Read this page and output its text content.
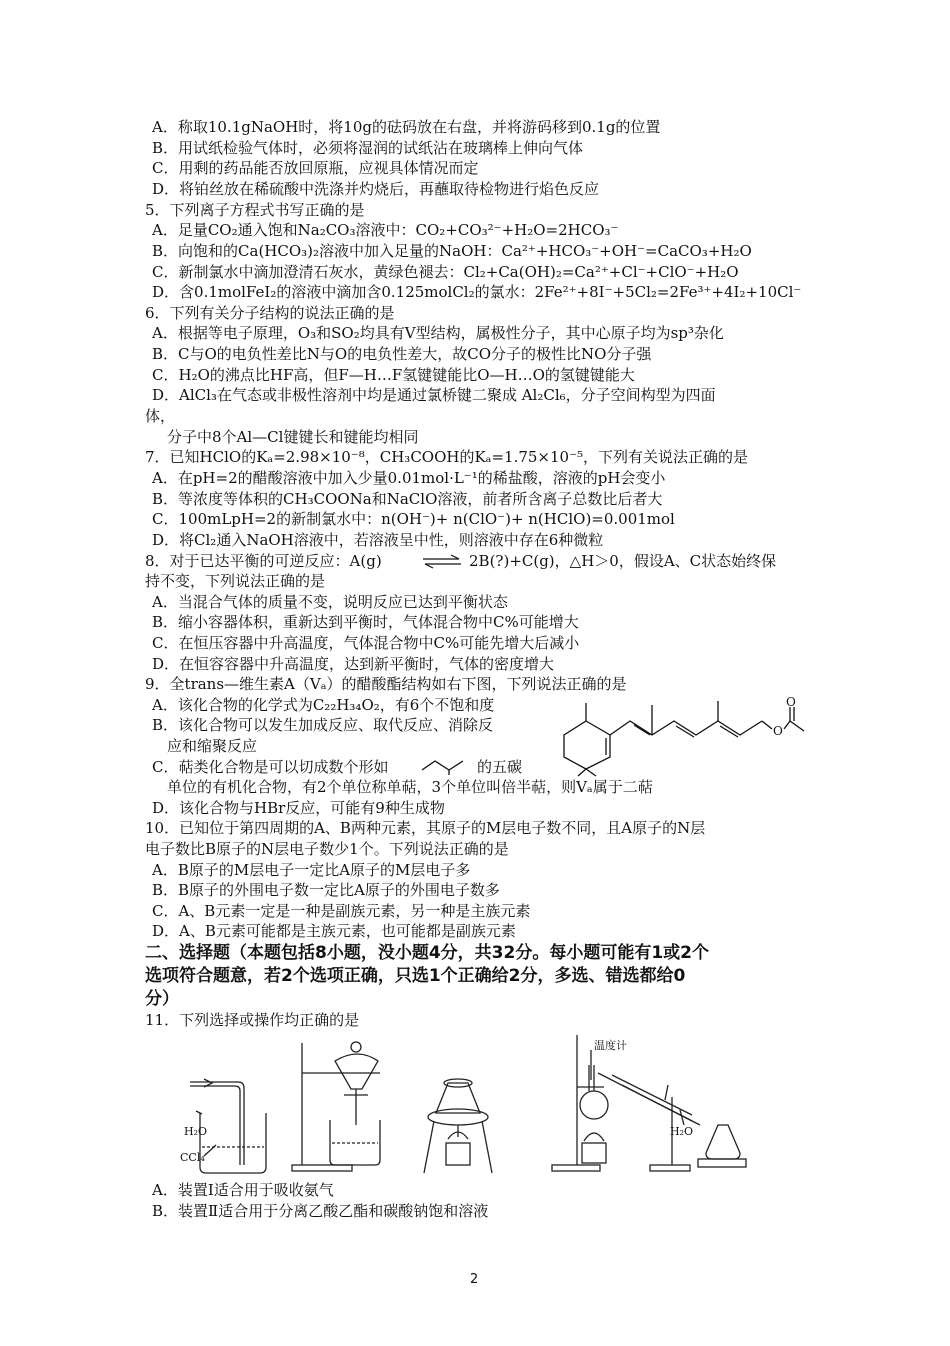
A．称取10.1gNaOH时，将10g的砝码放在右盘，并将游码移到0.1g的位置
B．用试纸检验气体时，必须将湿润的试纸沾在玻璃棒上伸向气体
C．用剩的药品能否放回原瓶，应视具体情况而定
D．将铂丝放在稀硫酸中洗涤并灼烧后，再蘸取待检物进行焰色反应
5．下列离子方程式书写正确的是
A．足量CO₂通入饱和Na₂CO₃溶液中：CO₂+CO₃²⁻+H₂O=2HCO₃⁻
B．向饱和的Ca(HCO₃)₂溶液中加入足量的NaOH：Ca²⁺+HCO₃⁻+OH⁻=CaCO₃+H₂O
C．新制氯水中滴加澄清石灰水，黄绿色褪去：Cl₂+Ca(OH)₂=Ca²⁺+Cl⁻+ClO⁻+H₂O
D．含0.1molFeI₂的溶液中滴加含0.125molCl₂的氯水：2Fe²⁺+8I⁻+5Cl₂=2Fe³⁺+4I₂+10Cl⁻
6．下列有关分子结构的说法正确的是
A．根据等电子原理，O₃和SO₂均具有V型结构，属极性分子，其中心原子均为sp³杂化
B．C与O的电负性差比N与O的电负性差大，故CO分子的极性比NO分子强
C．H₂O的沸点比HF高，但F—H…F氢键键能比O—H…O的氢键键能大
D．AlCl₃在气态或非极性溶剂中均是通过氯桥键二聚成 Al₂Cl₆，分子空间构型为四面
体，
分子中8个Al—Cl键键长和键能均相同
7．已知HClO的Kₐ=2.98×10⁻⁸，CH₃COOH的Kₐ=1.75×10⁻⁵，下列有关说法正确的是
A．在pH=2的醋酸溶液中加入少量0.01mol·L⁻¹的稀盐酸，溶液的pH会变小
B．等浓度等体积的CH₃COONa和NaClO溶液，前者所含离子总数比后者大
C．100mLpH=2的新制氯水中：n(OH⁻)+ n(ClO⁻)+ n(HClO)=0.001mol
D．将Cl₂通入NaOH溶液中，若溶液呈中性，则溶液中存在6种微粒
8．对于已达平衡的可逆反应：A(g) ⇌ 2B(?)+C(g)，△H＞0，假设A、C状态始终保
持不变，下列说法正确的是
A．当混合气体的质量不变，说明反应已达到平衡状态
B．缩小容器体积，重新达到平衡时，气体混合物中C%可能增大
C．在恒压容器中升高温度，气体混合物中C%可能先增大后减小
D．在恒容容器中升高温度，达到新平衡时，气体的密度增大
9．全trans—维生素A（Vₐ）的醋酸酯结构如右下图，下列说法正确的是
A．该化合物的化学式为C₂₂H₃₄O₂，有6个不饱和度
B．该化合物可以发生加成反应、取代反应、消除反
应和缩聚反应
C．萜类化合物是可以切成数个形如	的五碳
单位的有机化合物，有2个单位称单萜，3个单位叫倍半萜，则Vₐ属于二萜
D．该化合物与HBr反应，可能有9种生成物
O
O
10．已知位于第四周期的A、B两种元素，其原子的M层电子数不同，且A原子的N层
电子数比B原子的N层电子数少1个。下列说法正确的是
A．B原子的M层电子一定比A原子的M层电子多
B．B原子的外围电子数一定比A原子的外围电子数多
C．A、B元素一定是一种是副族元素，另一种是主族元素
D．A、B元素可能都是主族元素，也可能都是副族元素
二、选择题（本题包括8小题，没小题4分，共32分。每小题可能有1或2个
选项符合题意，若2个选项正确，只选1个正确给2分，多选、错选都给0
分）
11．下列选择或操作均正确的是
H₂O
CCl₄
温度计
H₂O
A．装置Ⅰ适合用于吸收氨气
B．装置Ⅱ适合用于分离乙酸乙酯和碳酸钠饱和溶液
2
